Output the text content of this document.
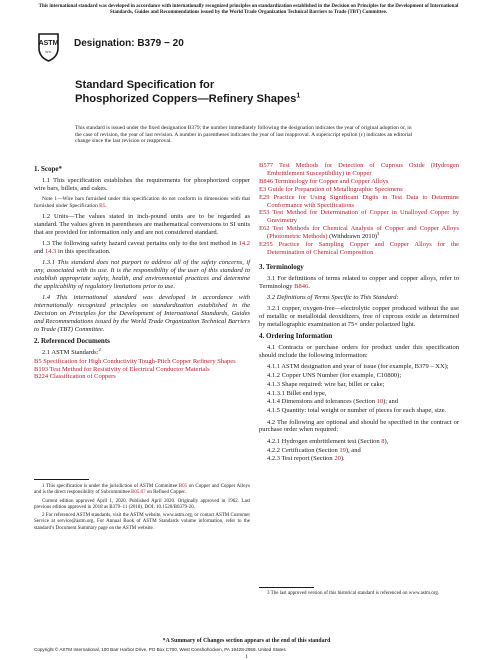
This international standard was developed in accordance with internationally recognized principles on standardization established in the Decision on Principles for the Development of International Standards, Guides and Recommendations issued by the World Trade Organization Technical Barriers to Trade (TBT) Committee.
ASTM
INTL
Designation: B379 − 20
Standard Specification for
Phosphorized Coppers—Refinery Shapes$^1$
This standard is issued under the fixed designation B379; the number immediately following the designation indicates the year of original adoption or, in the case of revision, the year of last revision. A number in parentheses indicates the year of last reapproval. A superscript epsilon (ε) indicates an editorial change since the last revision or reapproval.
1. Scope*

1.1 This specification establishes the requirements for phosphorized copper wire bars, billets, and cakes.

Note 1—Wire bars furnished under this specification do not conform in dimensions with that furnished under Specification B5.

1.2 Units—The values stated in inch-pound units are to be regarded as standard. The values given in parentheses are mathematical conversions to SI units that are provided for information only and are not considered standard.

1.3 The following safety hazard caveat pertains only to the test method in 14.2 and 14.3 in this specification.

1.3.1 This standard does not purport to address all of the safety concerns, if any, associated with its use. It is the responsibility of the user of this standard to establish appropriate safety, health, and environmental practices and determine the applicability of regulatory limitations prior to use.

1.4 This international standard was developed in accordance with internationally recognized principles on standardization established in the Decision on Principles for the Development of International Standards, Guides and Recommendations issued by the World Trade Organization Technical Barriers to Trade (TBT) Committee.

2. Referenced Documents

2.1 ASTM Standards:$^2$

B5 Specification for High Conductivity Tough-Pitch Copper Refinery Shapes

B193 Test Method for Resistivity of Electrical Conductor Materials

B224 Classification of Coppers

B577 Test Methods for Detection of Cuprous Oxide (Hydrogen Embrittlement Susceptibility) in Copper

B846 Terminology for Copper and Copper Alloys

E3 Guide for Preparation of Metallographic Specimens

E29 Practice for Using Significant Digits in Test Data to Determine Conformance with Specifications

E53 Test Method for Determination of Copper in Unalloyed Copper by Gravimetry

E62 Test Methods for Chemical Analysis of Copper and Copper Alloys (Photometric Methods) (Withdrawn 2010)$^3$

E255 Practice for Sampling Copper and Copper Alloys for the Determination of Chemical Composition

3. Terminology

3.1 For definitions of terms related to copper and copper alloys, refer to Terminology B846.

3.2 Definitions of Terms Specific to This Standard:

3.2.1 copper, oxygen-free—electrolytic copper produced without the use of metallic or metalloidal deoxidizers, free of cuprous oxide as determined by metallographic examination at 75× under polarized light.

4. Ordering Information

4.1 Contracts or purchase orders for product under this specification should include the following information:

4.1.1 ASTM designation and year of issue (for example, B379 – XX);

4.1.2 Copper UNS Number (for example, C10800);

4.1.3 Shape required: wire bar, billet or cake;

4.1.3.1 Billet end type,

4.1.4 Dimensions and tolerances (Section 10); and

4.1.5 Quantity: total weight or number of pieces for each shape, size.

4.2 The following are optional and should be specified in the contract or purchase order when required:

4.2.1 Hydrogen embrittlement test (Section 8),

4.2.2 Certification (Section 19), and

4.2.3 Test report (Section 20).

1 This specification is under the jurisdiction of ASTM Committee B05 on Copper and Copper Alloys and is the direct responsibility of Subcommittee B05.07 on Refined Copper.

Current edition approved April 1, 2020. Published April 2020. Originally approved in 1962. Last previous edition approved in 2018 as B379–11 (2018). DOI: 10.1520/B0379-20.

2 For referenced ASTM standards, visit the ASTM website, www.astm.org, or contact ASTM Customer Service at service@astm.org. For Annual Book of ASTM Standards volume information, refer to the standard’s Document Summary page on the ASTM website.

3 The last approved version of this historical standard is referenced on www.astm.org.

*A Summary of Changes section appears at the end of this standard
Copyright © ASTM International, 100 Barr Harbor Drive, PO Box C700, West Conshohocken, PA 19428-2959. United States
1
